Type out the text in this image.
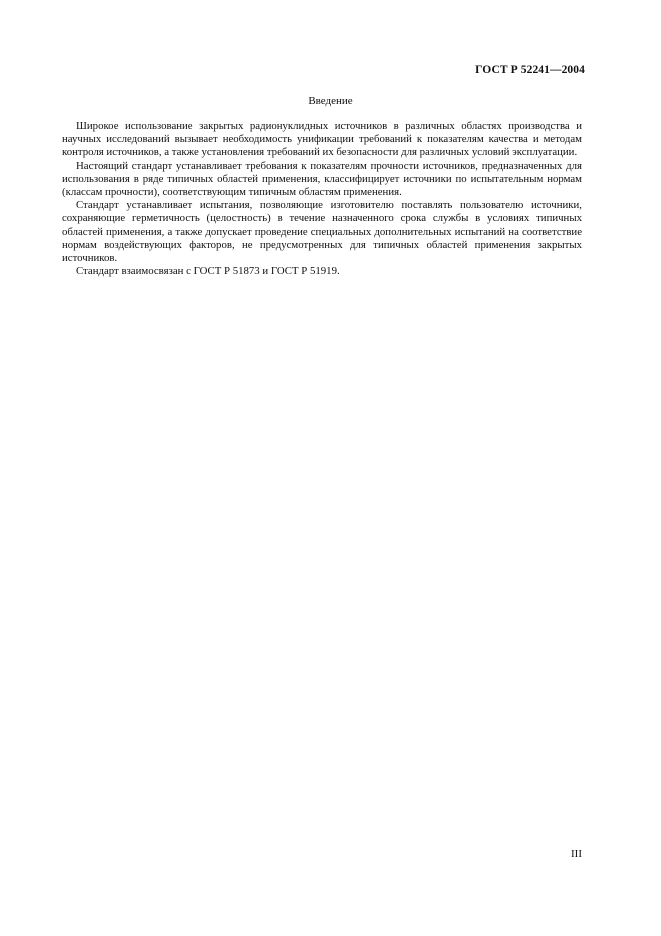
ГОСТ Р 52241—2004
Введение

Широкое использование закрытых радионуклидных источников в различных областях производства и научных исследований вызывает необходимость унификации требований к показателям качества и методам контроля источников, а также установления требований их безопасности для различных условий эксплуатации.

Настоящий стандарт устанавливает требования к показателям прочности источников, предназначенных для использования в ряде типичных областей применения, классифицирует источники по испытательным нормам (классам прочности), соответствующим типичным областям применения.

Стандарт устанавливает испытания, позволяющие изготовителю поставлять пользователю источники, сохраняющие герметичность (целостность) в течение назначенного срока службы в условиях типичных областей применения, а также допускает проведение специальных дополнительных испытаний на соответствие нормам воздействующих факторов, не предусмотренных для типичных областей применения закрытых источников.

Стандарт взаимосвязан с ГОСТ Р 51873 и ГОСТ Р 51919.

III
